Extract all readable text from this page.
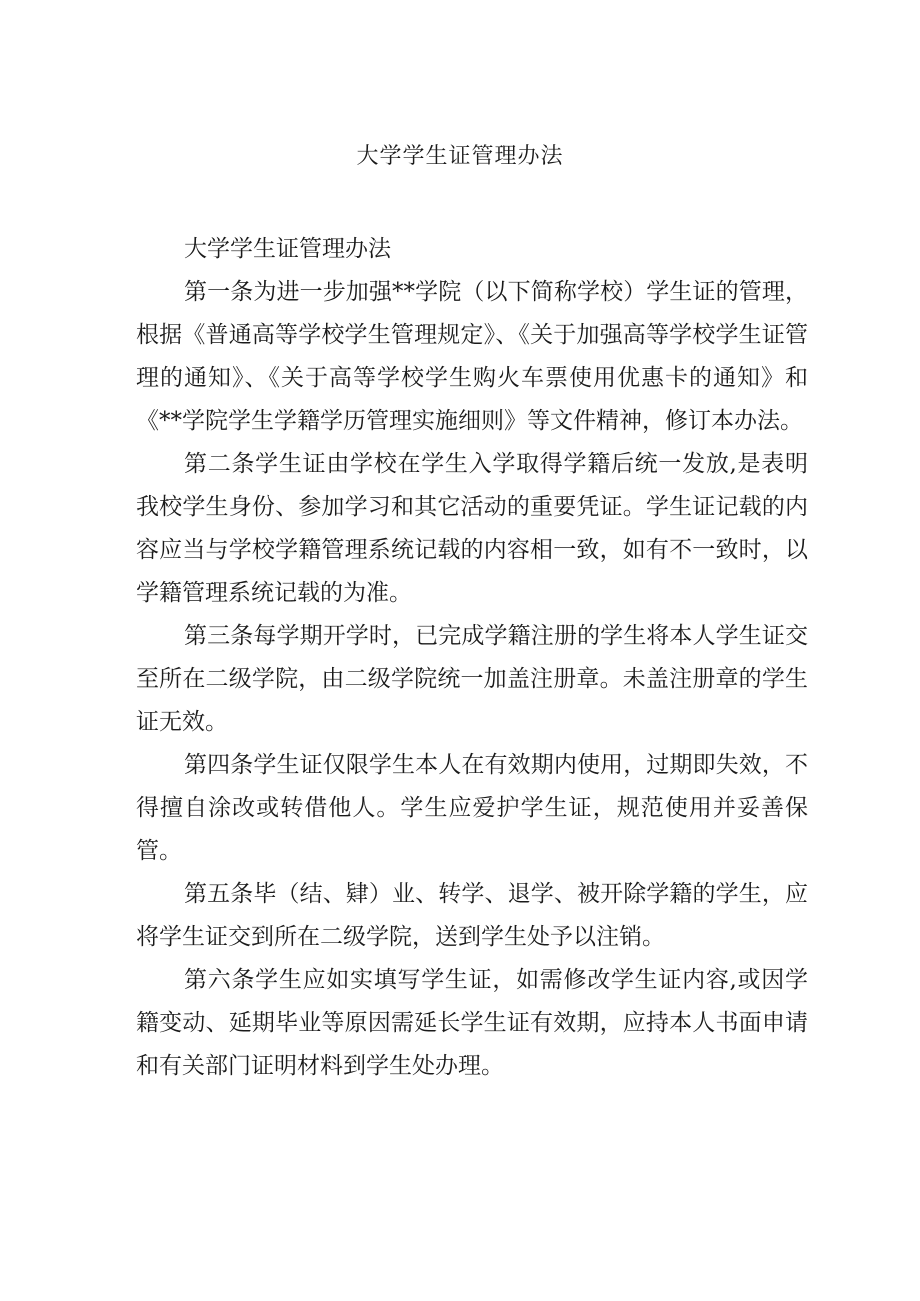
大学学生证管理办法

大学学生证管理办法

第一条为进一步加强**学院（以下简称学校）学生证的管理，根据《普通高等学校学生管理规定》、《关于加强高等学校学生证管理的通知》、《关于高等学校学生购火车票使用优惠卡的通知》和《**学院学生学籍学历管理实施细则》等文件精神，修订本办法。

第二条学生证由学校在学生入学取得学籍后统一发放,是表明我校学生身份、参加学习和其它活动的重要凭证。学生证记载的内容应当与学校学籍管理系统记载的内容相一致，如有不一致时，以学籍管理系统记载的为准。

第三条每学期开学时，已完成学籍注册的学生将本人学生证交至所在二级学院，由二级学院统一加盖注册章。未盖注册章的学生证无效。

第四条学生证仅限学生本人在有效期内使用，过期即失效，不得擅自涂改或转借他人。学生应爱护学生证，规范使用并妥善保管。

第五条毕（结、肄）业、转学、退学、被开除学籍的学生，应将学生证交到所在二级学院，送到学生处予以注销。

第六条学生应如实填写学生证，如需修改学生证内容,或因学籍变动、延期毕业等原因需延长学生证有效期，应持本人书面申请和有关部门证明材料到学生处办理。
